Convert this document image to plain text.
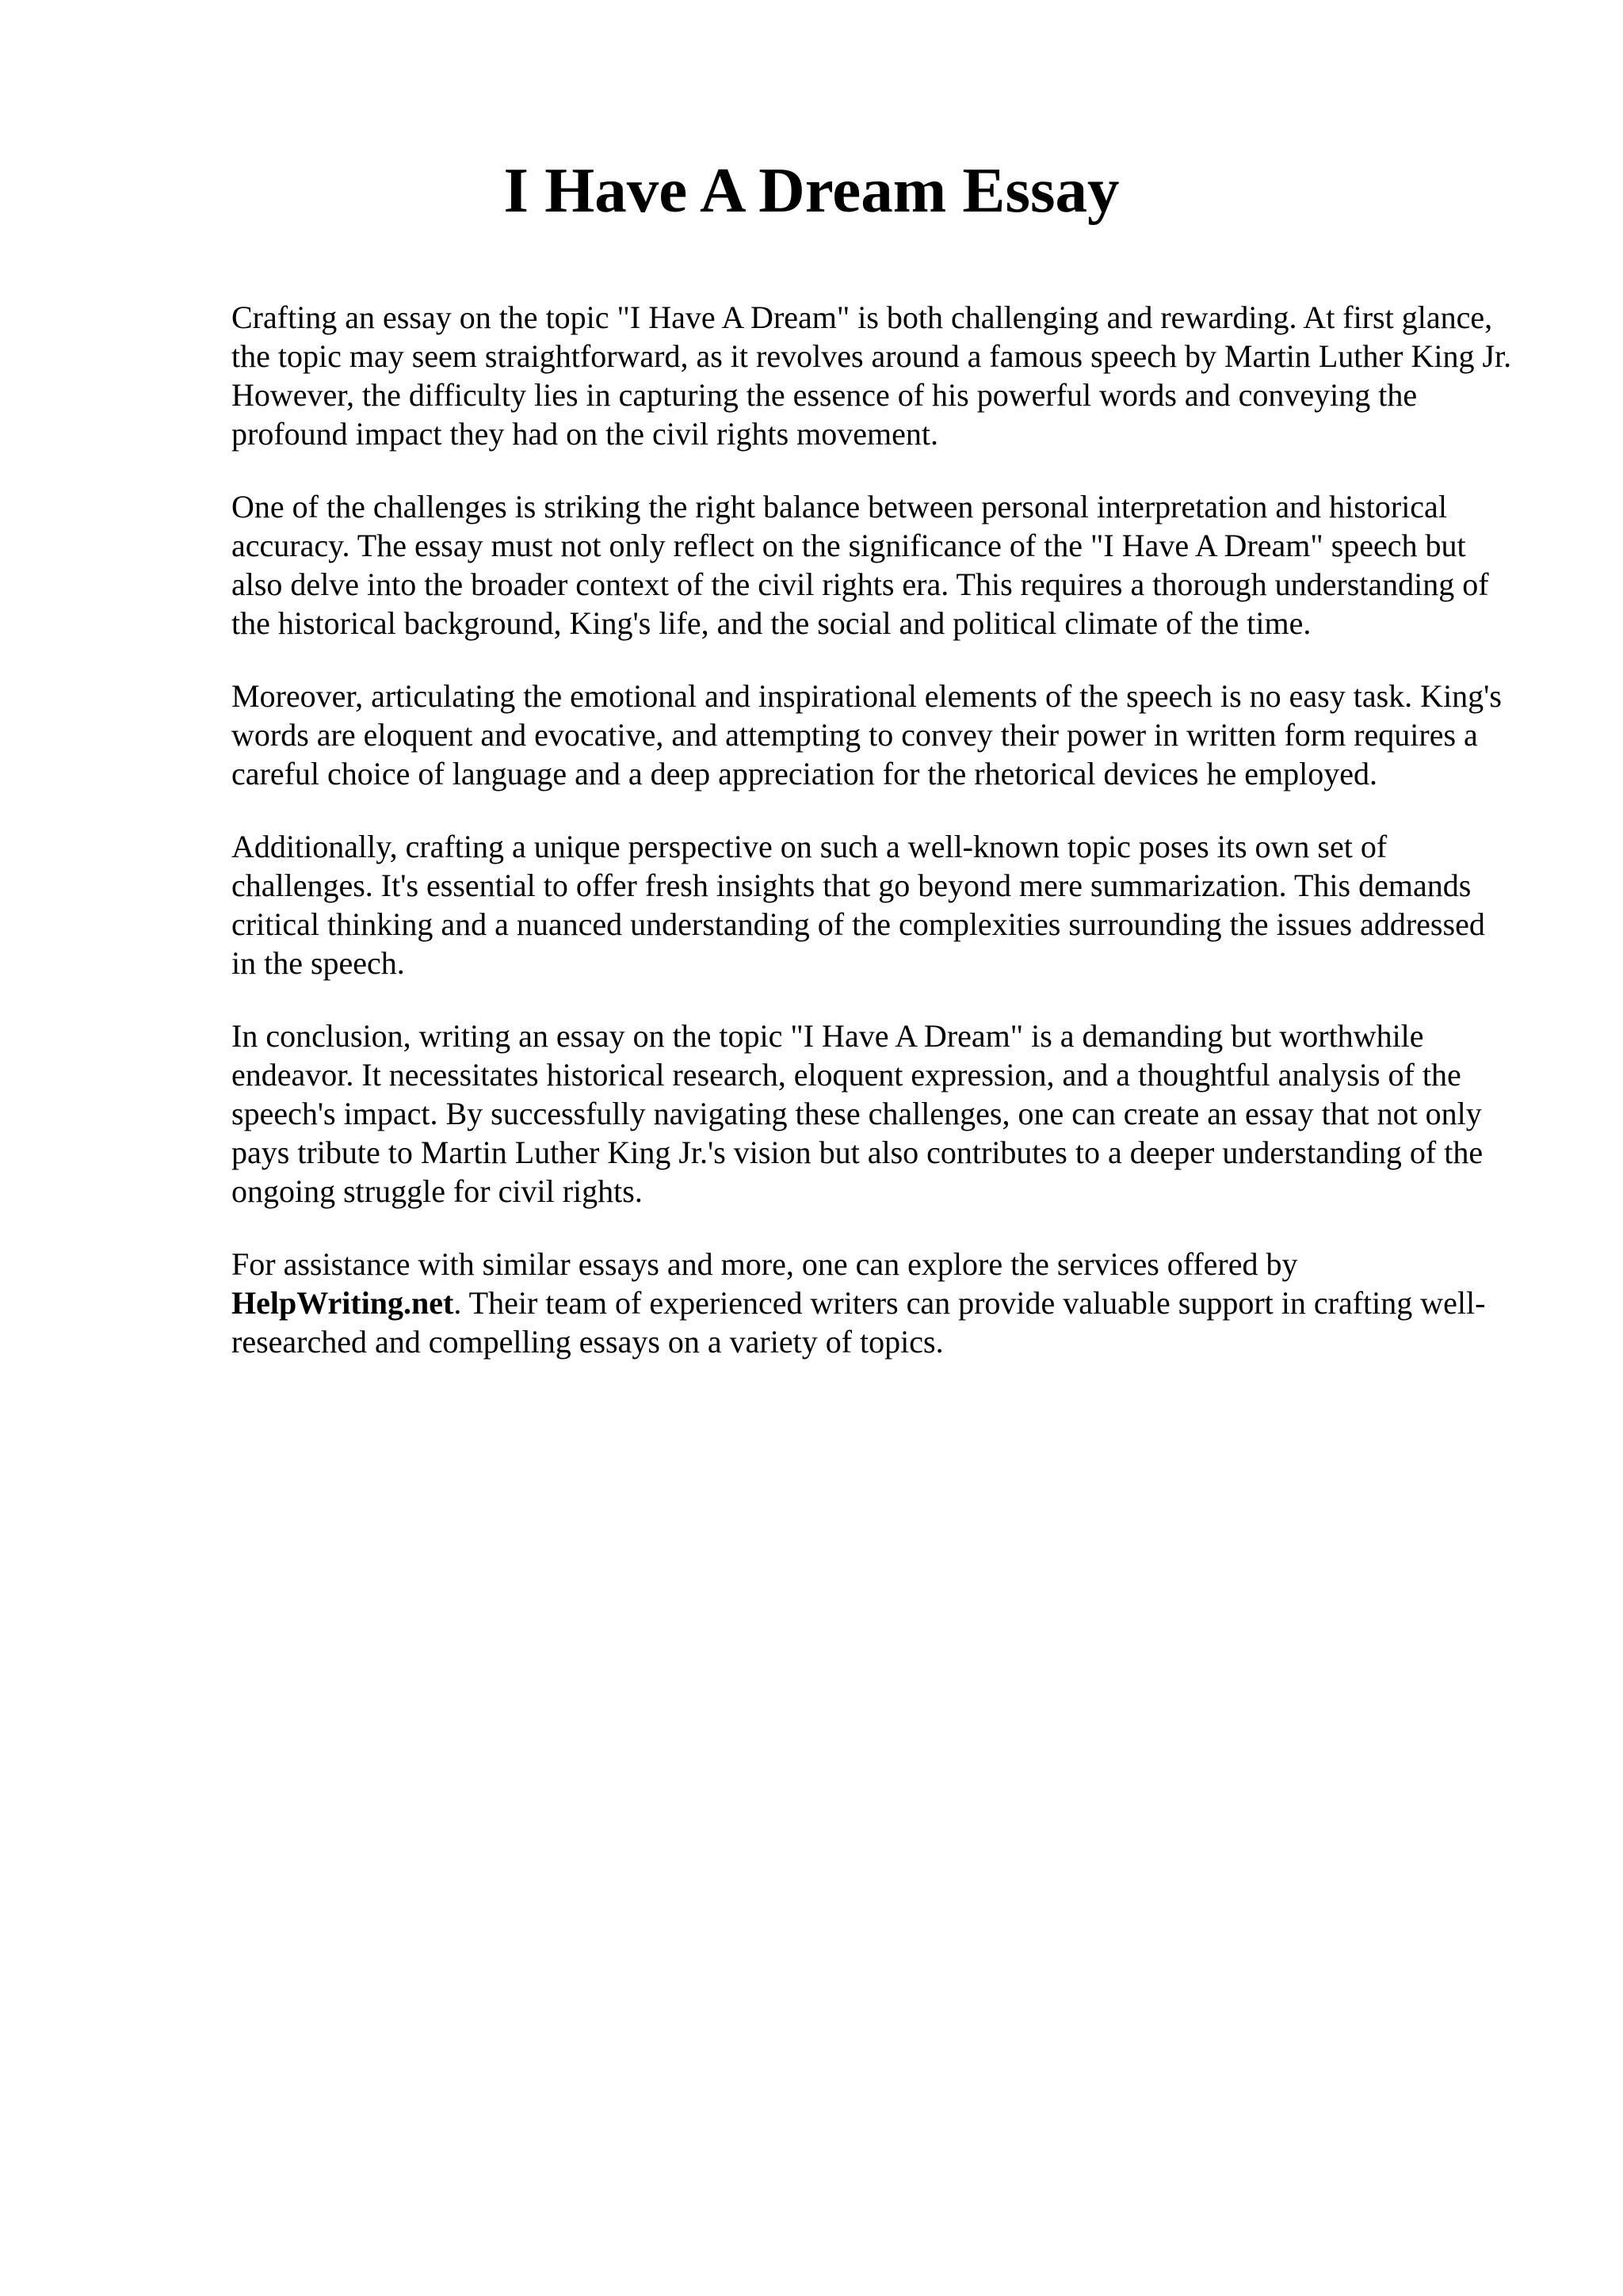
I Have A Dream Essay

Crafting an essay on the topic "I Have A Dream" is both challenging and rewarding. At first glance, the topic may seem straightforward, as it revolves around a famous speech by Martin Luther King Jr. However, the difficulty lies in capturing the essence of his powerful words and conveying the profound impact they had on the civil rights movement.

One of the challenges is striking the right balance between personal interpretation and historical accuracy. The essay must not only reflect on the significance of the "I Have A Dream" speech but also delve into the broader context of the civil rights era. This requires a thorough understanding of the historical background, King's life, and the social and political climate of the time.

Moreover, articulating the emotional and inspirational elements of the speech is no easy task. King's words are eloquent and evocative, and attempting to convey their power in written form requires a careful choice of language and a deep appreciation for the rhetorical devices he employed.

Additionally, crafting a unique perspective on such a well-known topic poses its own set of challenges. It's essential to offer fresh insights that go beyond mere summarization. This demands critical thinking and a nuanced understanding of the complexities surrounding the issues addressed in the speech.

In conclusion, writing an essay on the topic "I Have A Dream" is a demanding but worthwhile endeavor. It necessitates historical research, eloquent expression, and a thoughtful analysis of the speech's impact. By successfully navigating these challenges, one can create an essay that not only pays tribute to Martin Luther King Jr.'s vision but also contributes to a deeper understanding of the ongoing struggle for civil rights.

For assistance with similar essays and more, one can explore the services offered by HelpWriting.net. Their team of experienced writers can provide valuable support in crafting well-researched and compelling essays on a variety of topics.
